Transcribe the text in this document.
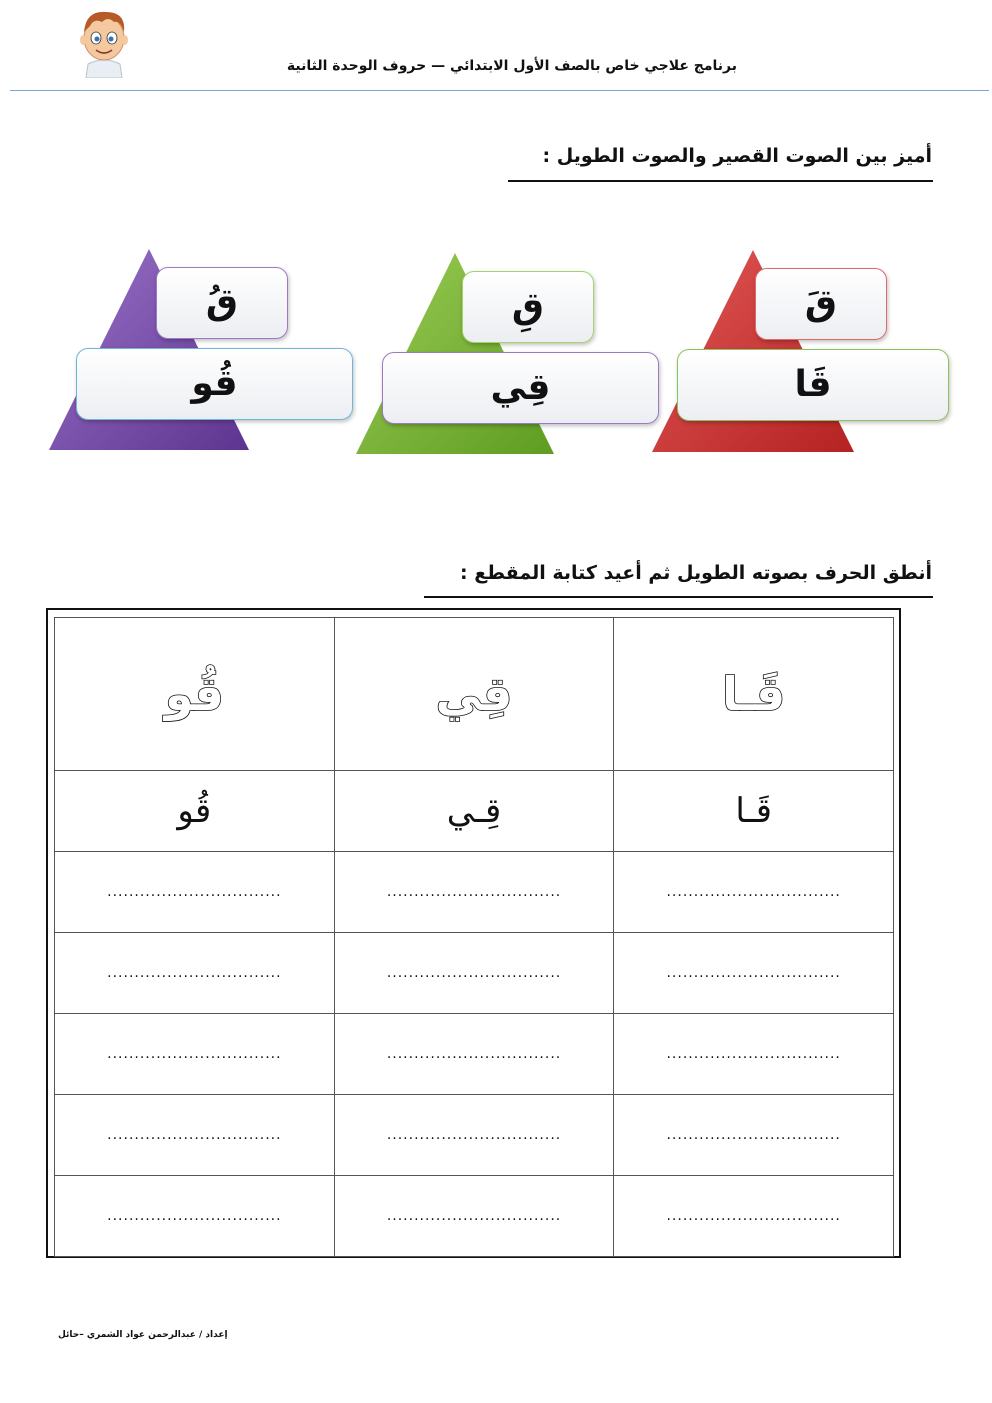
برنامج علاجي خاص بالصف الأول الابتدائي — حروف الوحدة الثانية
أميز بين الصوت القصير والصوت الطويل :
قَ
قَا
قِ
قِي
قُ
قُو
أنطق الحرف بصوته الطويل ثم أعيد كتابة المقطع :
قَـا	قِي	قُو
قَـا	قِـي	قُو
................................	................................	................................
................................	................................	................................
................................	................................	................................
................................	................................	................................
................................	................................	................................
إعداد / عبدالرحمن عواد الشمري –حائل
